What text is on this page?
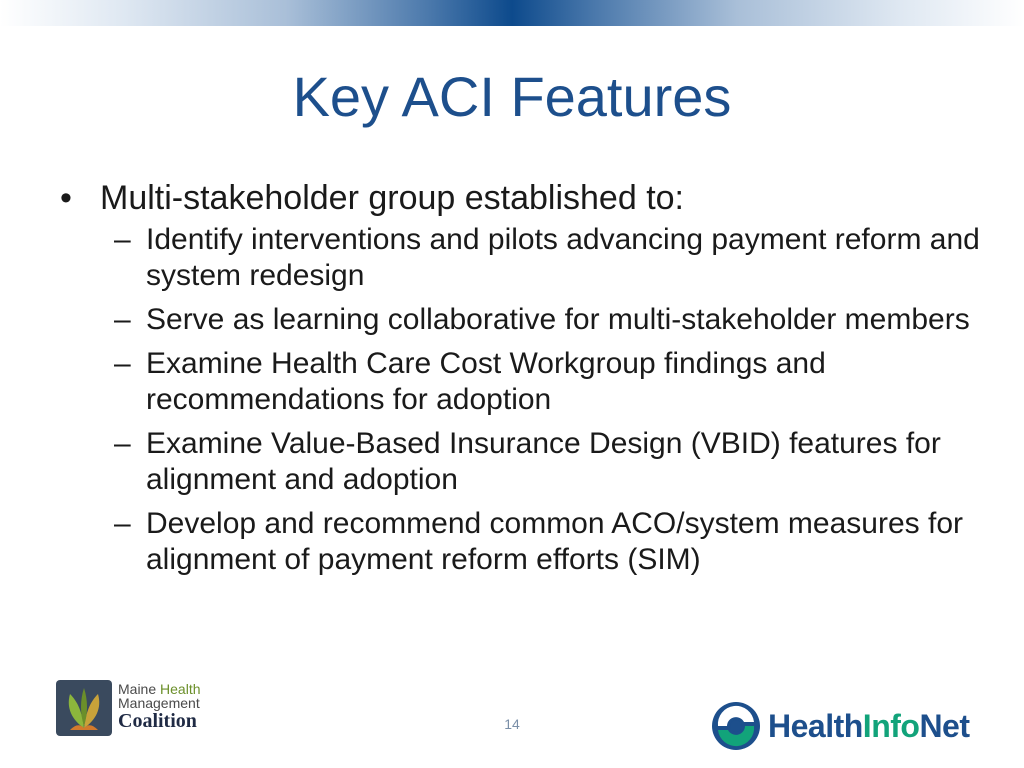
Key ACI Features
• Multi-stakeholder group established to:
– Identify interventions and pilots advancing payment reform and system redesign
– Serve as learning collaborative for multi-stakeholder members
– Examine Health Care Cost Workgroup findings and recommendations for adoption
– Examine Value-Based Insurance Design (VBID) features for alignment and adoption
– Develop and recommend common ACO/system measures for alignment of payment reform efforts (SIM)
Maine Health
Management
Coalition	14	HealthInfoNet
